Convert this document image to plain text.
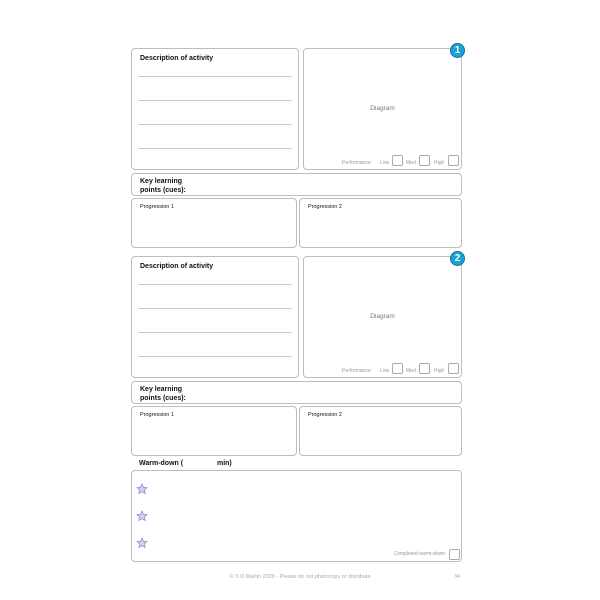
Description of activity
Diagram
Performance: Low	Med	High
1
Key learning
points (cues):
Progression 1	Progression 2
Description of activity
Diagram
Performance: Low	Med	High
2
Key learning
points (cues):
Progression 1	Progression 2
Warm-down (	min)
Completed warm-down
© S D Martin 2026 - Please do not photocopy or distribute	34
